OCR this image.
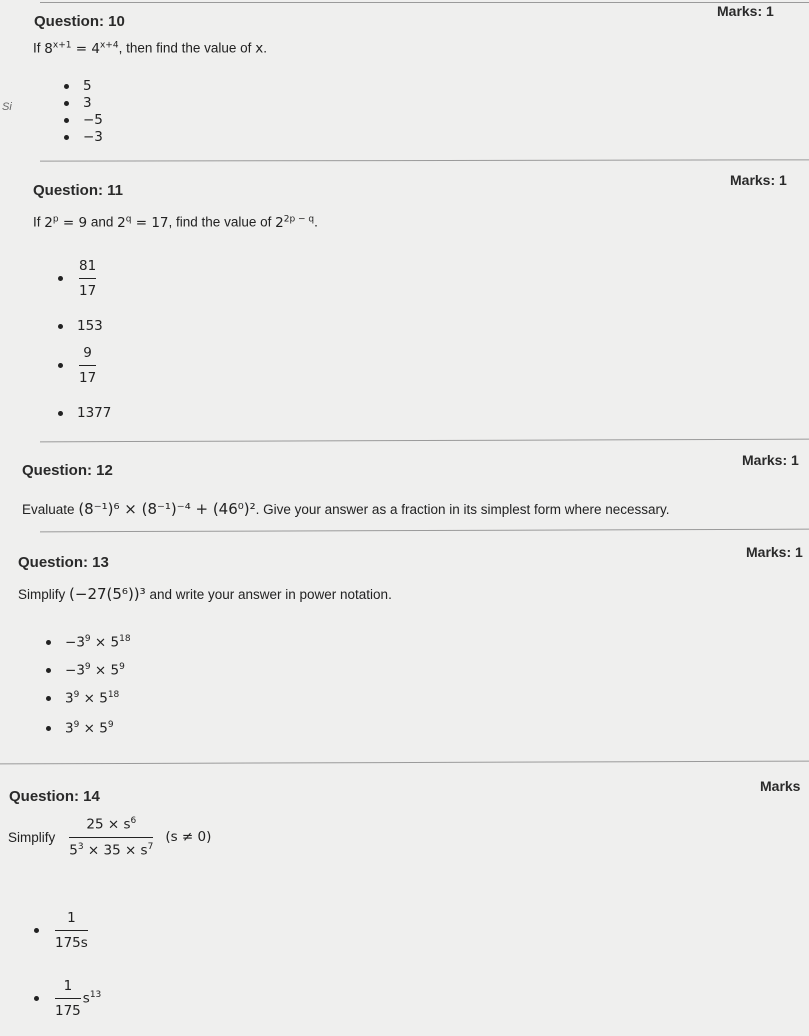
Question: 10
Marks: 1
If $8^{x+1} = 4^{x+4}$, then find the value of x.
5
3
−5
−3
Si
Question: 11
Marks: 1
If $2^p = 9$ and $2^q = 17$, find the value of $2^{2p - q}$.
$\frac{81}{17}$
153
$\frac{9}{17}$
1377
Question: 12
Marks: 1
Evaluate (8⁻¹)⁶ × (8⁻¹)⁻⁴ + (46⁰)². Give your answer as a fraction in its simplest form where necessary.
Question: 13
Marks: 1
Simplify (−27(5⁶))³ and write your answer in power notation.
$-3^9 \times 5^{18}$
$-3^9 \times 5^9$
$3^9 \times 5^{18}$
$3^9 \times 5^9$
Question: 14
Marks
Simplify $\frac{25 \times s^6}{5^3 \times 35 \times s^7} (s \ne 0)$
$\frac{1}{175s}$
$\frac{1}{175} s^{13}$
